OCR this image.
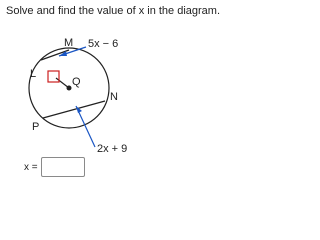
Solve and find the value of x in the diagram.
M
L
Q
N
P
5x − 6
2x + 9
x =
